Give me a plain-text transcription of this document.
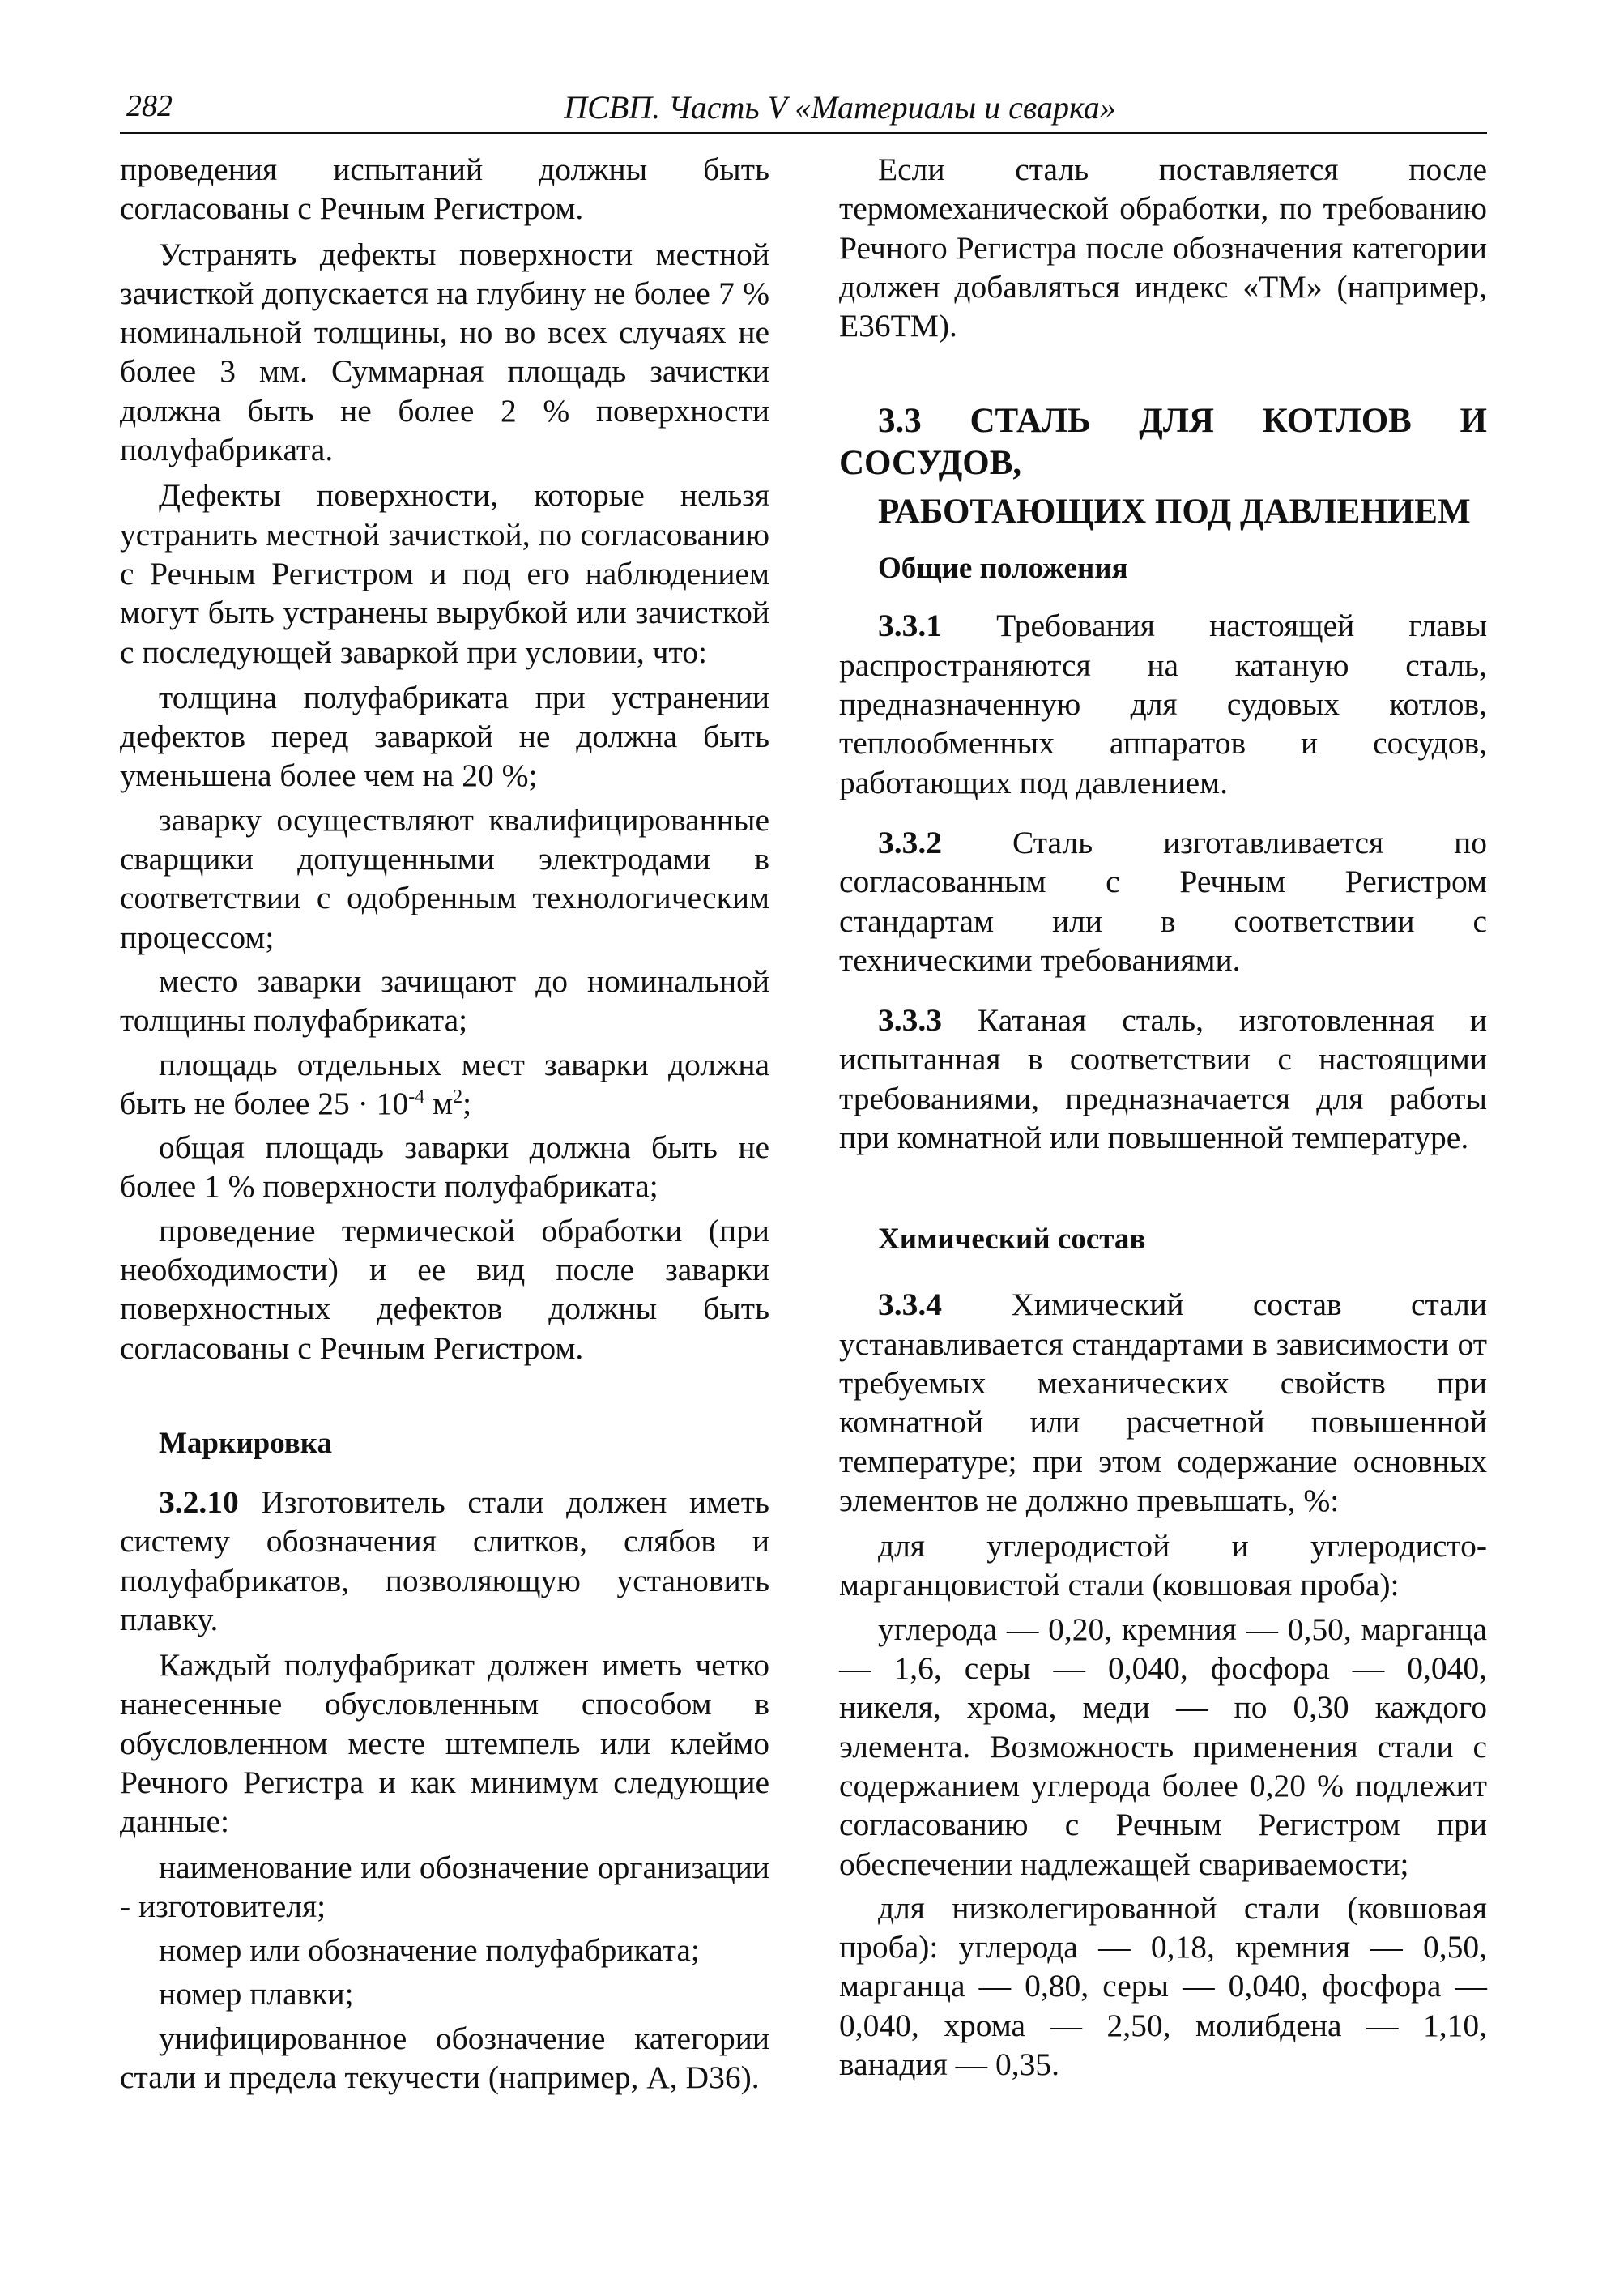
282	ПСВП. Часть V «Материалы и сварка»

проведения испытаний должны быть согласованы с Речным Регистром.

Устранять дефекты поверхности местной зачисткой допускается на глубину не более 7 % номинальной толщины, но во всех случаях не более 3 мм. Суммарная площадь зачистки должна быть не более 2 % поверхности полуфабриката.

Дефекты поверхности, которые нельзя устранить местной зачисткой, по согласованию с Речным Регистром и под его наблюдением могут быть устранены вырубкой или зачисткой с последующей заваркой при условии, что:

толщина полуфабриката при устранении дефектов перед заваркой не должна быть уменьшена более чем на 20 %;

заварку осуществляют квалифицированные сварщики допущенными электродами в соответствии с одобренным технологическим процессом;

место заварки зачищают до номинальной толщины полуфабриката;

площадь отдельных мест заварки должна быть не более $25 \cdot 10^{-4}$ $м^2$;

общая площадь заварки должна быть не более 1 % поверхности полуфабриката;

проведение термической обработки (при необходимости) и ее вид после заварки поверхностных дефектов должны быть согласованы с Речным Регистром.

Маркировка

3.2.10 Изготовитель стали должен иметь систему обозначения слитков, слябов и полуфабрикатов, позволяющую установить плавку.

Каждый полуфабрикат должен иметь четко нанесенные обусловленным способом в обусловленном месте штемпель или клеймо Речного Регистра и как минимум следующие данные:

наименование или обозначение организации - изготовителя;

номер или обозначение полуфабриката;

номер плавки;

унифицированное обозначение категории стали и предела текучести (например, A, D36).

Если сталь поставляется после термомеханической обработки, по требованию Речного Регистра после обозначения категории должен добавляться индекс «ТМ» (например, E36TM).

3.3 СТАЛЬ ДЛЯ КОТЛОВ И СОСУДОВ,

РАБОТАЮЩИХ ПОД ДАВЛЕНИЕМ

Общие положения

3.3.1 Требования настоящей главы распространяются на катаную сталь, предназначенную для судовых котлов, теплообменных аппаратов и сосудов, работающих под давлением.

3.3.2 Сталь изготавливается по согласованным с Речным Регистром стандартам или в соответствии с техническими требованиями.

3.3.3 Катаная сталь, изготовленная и испытанная в соответствии с настоящими требованиями, предназначается для работы при комнатной или повышенной температуре.

Химический состав

3.3.4 Химический состав стали устанавливается стандартами в зависимости от требуемых механических свойств при комнатной или расчетной повышенной температуре; при этом содержание основных элементов не должно превышать, %:

для углеродистой и углеродисто-марганцовистой стали (ковшовая проба):

углерода — 0,20, кремния — 0,50, марганца — 1,6, серы — 0,040, фосфора — 0,040, никеля, хрома, меди — по 0,30 каждого элемента. Возможность применения стали с содержанием углерода более 0,20 % подлежит согласованию с Речным Регистром при обеспечении надлежащей свариваемости;

для низколегированной стали (ковшовая проба): углерода — 0,18, кремния — 0,50, марганца — 0,80, серы — 0,040, фосфора — 0,040, хрома — 2,50, молибдена — 1,10, ванадия — 0,35.
